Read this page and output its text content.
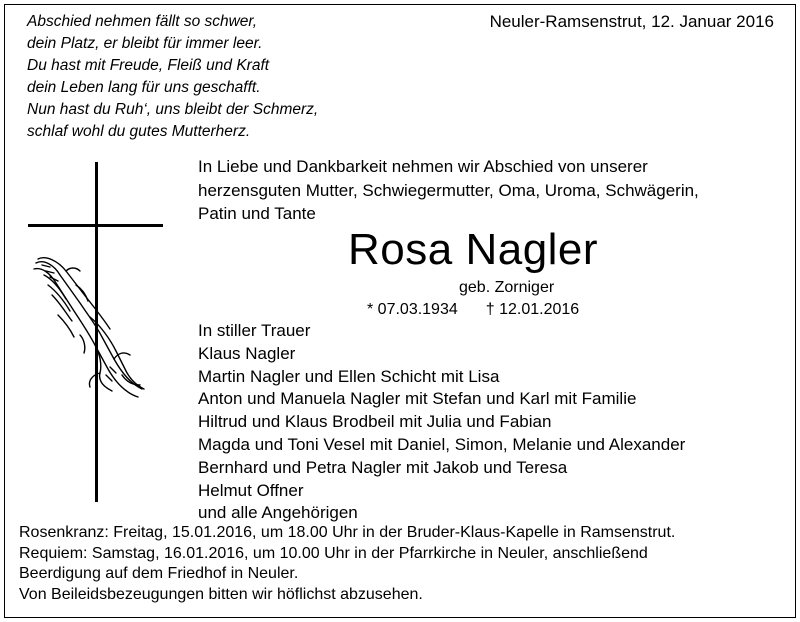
Abschied nehmen fällt so schwer,
dein Platz, er bleibt für immer leer.
Du hast mit Freude, Fleiß und Kraft
dein Leben lang für uns geschafft.
Nun hast du Ruh‘, uns bleibt der Schmerz,
schlaf wohl du gutes Mutterherz.
Neuler-Ramsenstrut, 12. Januar 2016
In Liebe und Dankbarkeit nehmen wir Abschied von unserer
herzensguten Mutter, Schwiegermutter, Oma, Uroma, Schwägerin,
Patin und Tante
Rosa Nagler
geb. Zorniger
* 07.03.1934 † 12.01.2016
In stiller Trauer
Klaus Nagler
Martin Nagler und Ellen Schicht mit Lisa
Anton und Manuela Nagler mit Stefan und Karl mit Familie
Hiltrud und Klaus Brodbeil mit Julia und Fabian
Magda und Toni Vesel mit Daniel, Simon, Melanie und Alexander
Bernhard und Petra Nagler mit Jakob und Teresa
Helmut Offner
und alle Angehörigen
Rosenkranz: Freitag, 15.01.2016, um 18.00 Uhr in der Bruder-Klaus-Kapelle in Ramsenstrut.
Requiem: Samstag, 16.01.2016, um 10.00 Uhr in der Pfarrkirche in Neuler, anschließend
Beerdigung auf dem Friedhof in Neuler.
Von Beileidsbezeugungen bitten wir höflichst abzusehen.
